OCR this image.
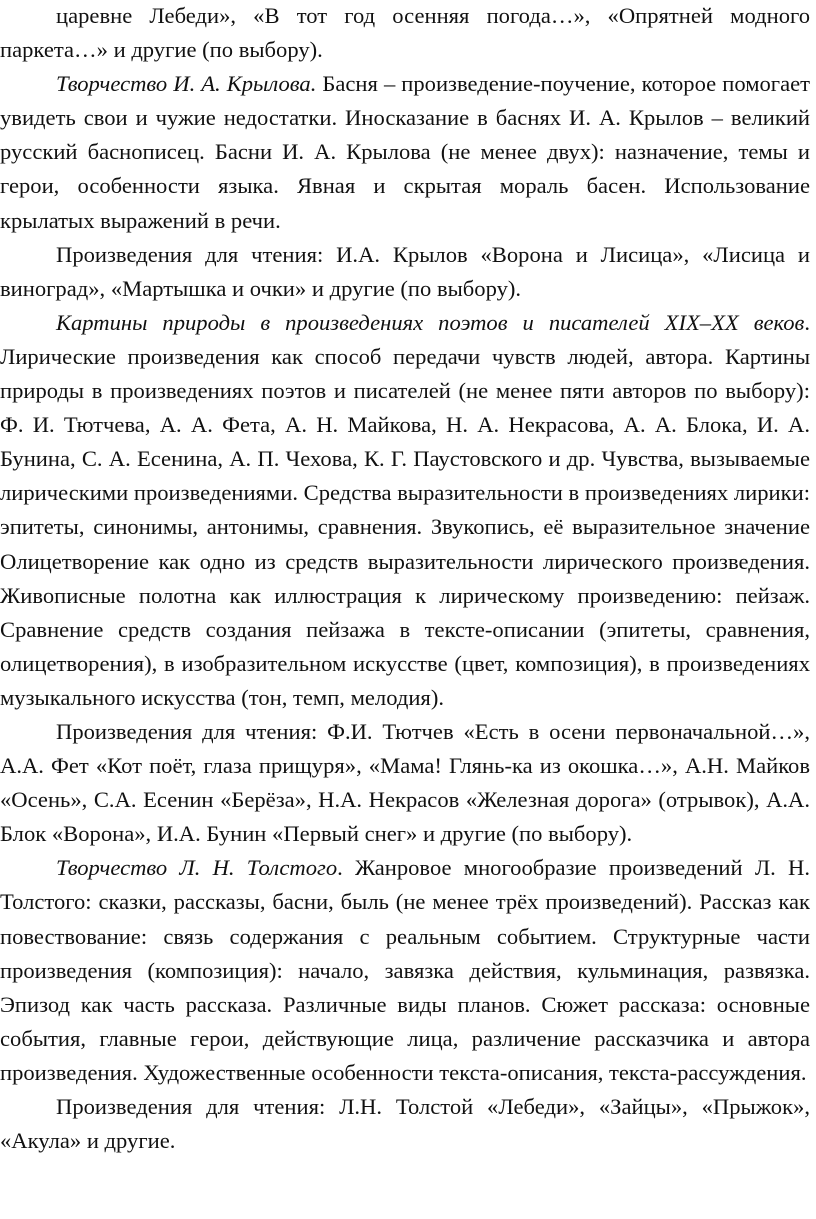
царевне Лебеди», «В тот год осенняя погода…», «Опрятней модного паркета…» и другие (по выбору).

Творчество И. А. Крылова. Басня – произведение-поучение, которое помогает увидеть свои и чужие недостатки. Иносказание в баснях И. А. Крылов – великий русский баснописец. Басни И. А. Крылова (не менее двух): назначение, темы и герои, особенности языка. Явная и скрытая мораль басен. Использование крылатых выражений в речи.

Произведения для чтения: И.А. Крылов «Ворона и Лисица», «Лисица и виноград», «Мартышка и очки» и другие (по выбору).

Картины природы в произведениях поэтов и писателей XIX–XX веков. Лирические произведения как способ передачи чувств людей, автора. Картины природы в произведениях поэтов и писателей (не менее пяти авторов по выбору): Ф. И. Тютчева, А. А. Фета, А. Н. Майкова, Н. А. Некрасова, А. А. Блока, И. А. Бунина, С. А. Есенина, А. П. Чехова, К. Г. Паустовского и др. Чувства, вызываемые лирическими произведениями. Средства выразительности в произведениях лирики: эпитеты, синонимы, антонимы, сравнения. Звукопись, её выразительное значение Олицетворение как одно из средств выразительности лирического произведения. Живописные полотна как иллюстрация к лирическому произведению: пейзаж. Сравнение средств создания пейзажа в тексте-описании (эпитеты, сравнения, олицетворения), в изобразительном искусстве (цвет, композиция), в произведениях музыкального искусства (тон, темп, мелодия).

Произведения для чтения: Ф.И. Тютчев «Есть в осени первоначальной…», А.А. Фет «Кот поёт, глаза прищуря», «Мама! Глянь-ка из окошка…», А.Н. Майков «Осень», С.А. Есенин «Берёза», Н.А. Некрасов «Железная дорога» (отрывок), А.А. Блок «Ворона», И.А. Бунин «Первый снег» и другие (по выбору).

Творчество Л. Н. Толстого. Жанровое многообразие произведений Л. Н. Толстого: сказки, рассказы, басни, быль (не менее трёх произведений). Рассказ как повествование: связь содержания с реальным событием. Структурные части произведения (композиция): начало, завязка действия, кульминация, развязка. Эпизод как часть рассказа. Различные виды планов. Сюжет рассказа: основные события, главные герои, действующие лица, различение рассказчика и автора произведения. Художественные особенности текста-описания, текста-рассуждения.

Произведения для чтения: Л.Н. Толстой «Лебеди», «Зайцы», «Прыжок», «Акула» и другие.
